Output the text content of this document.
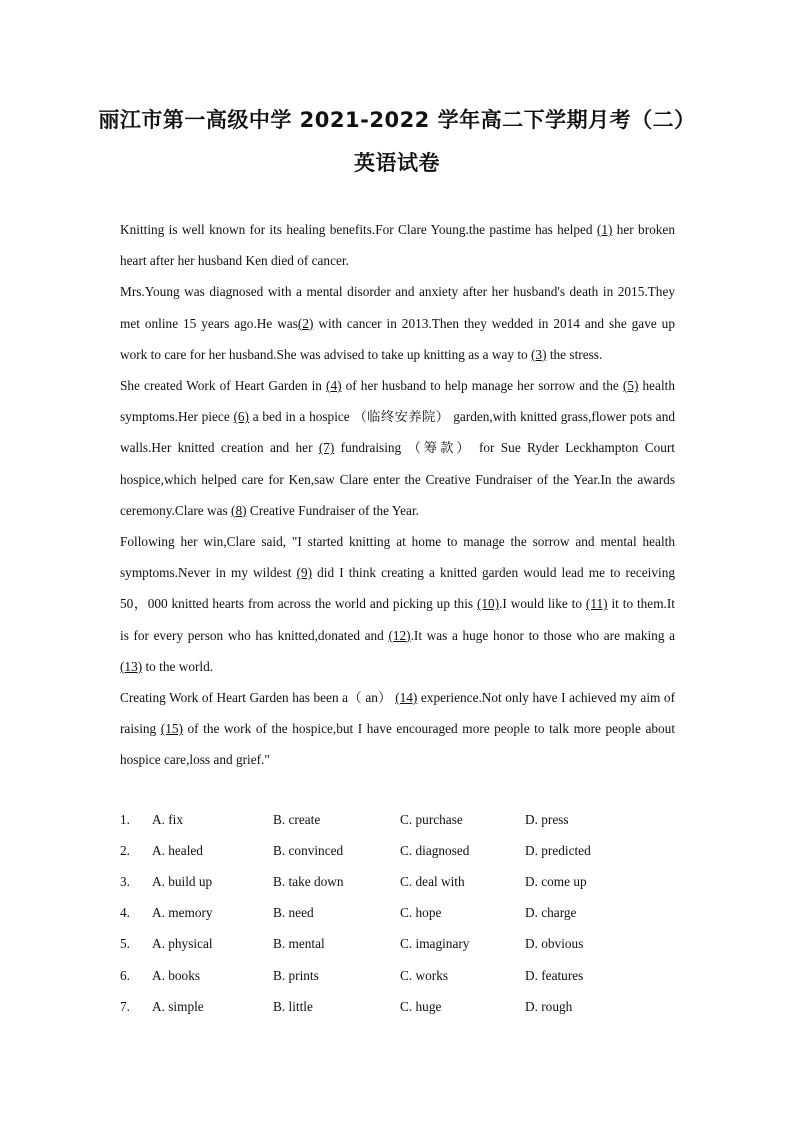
丽江市第一高级中学 2021-2022 学年高二下学期月考（二）
英语试卷

Knitting is well known for its healing benefits.For Clare Young.the pastime has helped (1) her broken heart after her husband Ken died of cancer.

Mrs.Young was diagnosed with a mental disorder and anxiety after her husband's death in 2015.They met online 15 years ago.He was(2) with cancer in 2013.Then they wedded in 2014 and she gave up work to care for her husband.She was advised to take up knitting as a way to (3) the stress.

She created Work of Heart Garden in (4) of her husband to help manage her sorrow and the (5) health symptoms.Her piece (6) a bed in a hospice （临终安养院） garden,with knitted grass,flower pots and walls.Her knitted creation and her (7) fundraising （筹款） for Sue Ryder Leckhampton Court hospice,which helped care for Ken,saw Clare enter the Creative Fundraiser of the Year.In the awards ceremony.Clare was (8) Creative Fundraiser of the Year.

Following her win,Clare said, "I started knitting at home to manage the sorrow and mental health symptoms.Never in my wildest (9) did I think creating a knitted garden would lead me to receiving 50，000 knitted hearts from across the world and picking up this (10).I would like to (11) it to them.It is for every person who has knitted,donated and (12).It was a huge honor to those who are making a (13) to the world.

Creating Work of Heart Garden has been a（ an） (14) experience.Not only have I achieved my aim of raising (15) of the work of the hospice,but I have encouraged more people to talk more people about hospice care,loss and grief."

1. A. fix	B. create	C. purchase	D. press
2. A. healed	B. convinced	C. diagnosed	D. predicted
3. A. build up	B. take down	C. deal with	D. come up
4. A. memory	B. need	C. hope	D. charge
5. A. physical	B. mental	C. imaginary	D. obvious
6. A. books	B. prints	C. works	D. features
7. A. simple	B. little	C. huge	D. rough
